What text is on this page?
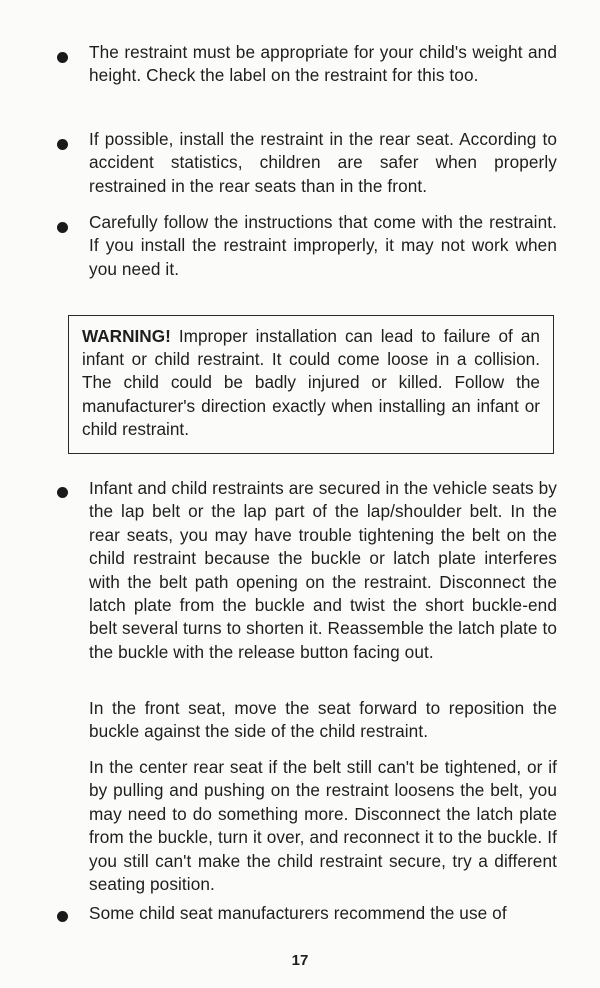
The restraint must be appropriate for your child's weight and height. Check the label on the restraint for this too.
If possible, install the restraint in the rear seat. According to accident statistics, children are safer when properly restrained in the rear seats than in the front.
Carefully follow the instructions that come with the restraint. If you install the restraint improperly, it may not work when you need it.
WARNING! Improper installation can lead to failure of an infant or child restraint. It could come loose in a collision. The child could be badly injured or killed. Follow the manufacturer's direction exactly when installing an infant or child restraint.
Infant and child restraints are secured in the vehicle seats by the lap belt or the lap part of the lap/shoulder belt. In the rear seats, you may have trouble tightening the belt on the child restraint because the buckle or latch plate interferes with the belt path opening on the restraint. Disconnect the latch plate from the buckle and twist the short buckle-end belt several turns to shorten it. Reassemble the latch plate to the buckle with the release button facing out.
In the front seat, move the seat forward to reposition the buckle against the side of the child restraint.
In the center rear seat if the belt still can't be tightened, or if by pulling and pushing on the restraint loosens the belt, you may need to do something more. Disconnect the latch plate from the buckle, turn it over, and reconnect it to the buckle. If you still can't make the child restraint secure, try a different seating position.
Some child seat manufacturers recommend the use of
17
